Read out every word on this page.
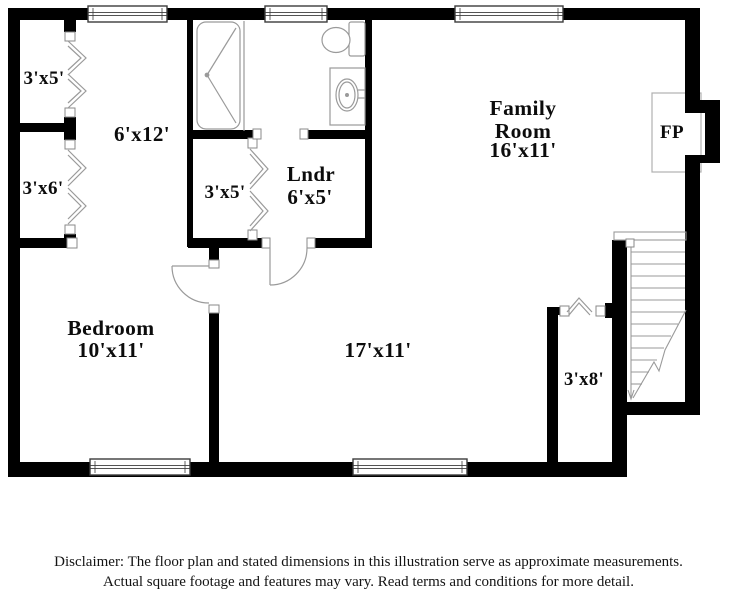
3'x5'
3'x6'
6'x12'
3'x5'
Lndr
6'x5'
Family
Room
16'x11'
FP
Bedroom
10'x11'	17'x11'
3'x8'

Disclaimer: The floor plan and stated dimensions in this illustration serve as approximate measurements.

Actual square footage and features may vary. Read terms and conditions for more detail.
